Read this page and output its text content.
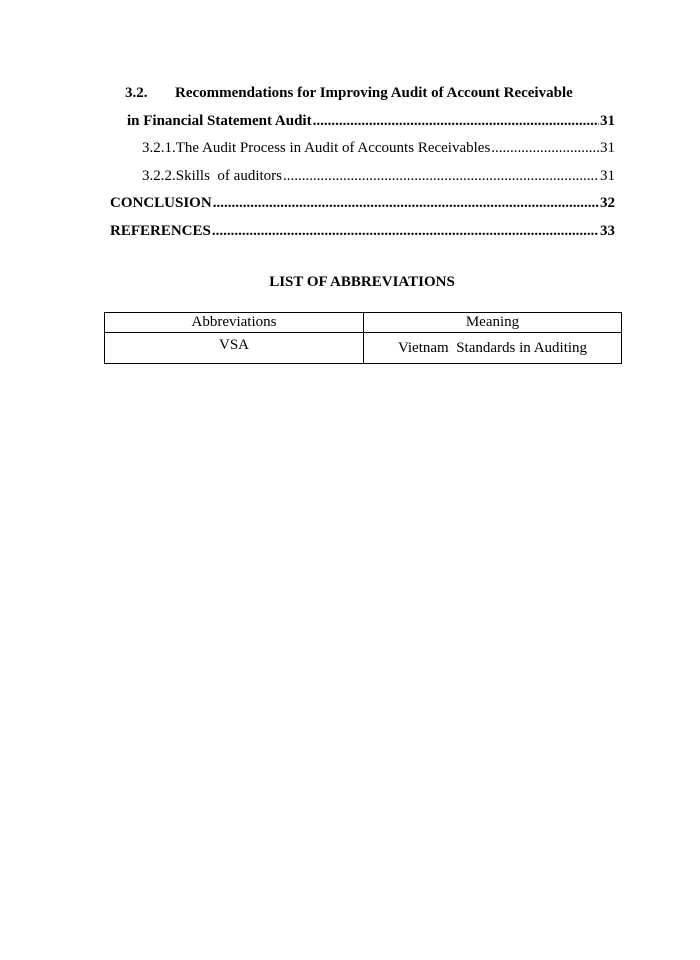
3.2.	Recommendations for Improving Audit of Account Receivable
in Financial Statement Audit .....	31
3.2.1. The Audit Process in Audit of Accounts Receivables .....	31
3.2.2. Skills  of auditors .....	31
CONCLUSION .....	32
REFERENCES .....	33
LIST OF ABBREVIATIONS
Abbreviations	Meaning
VSA	Vietnam  Standards in Auditing
